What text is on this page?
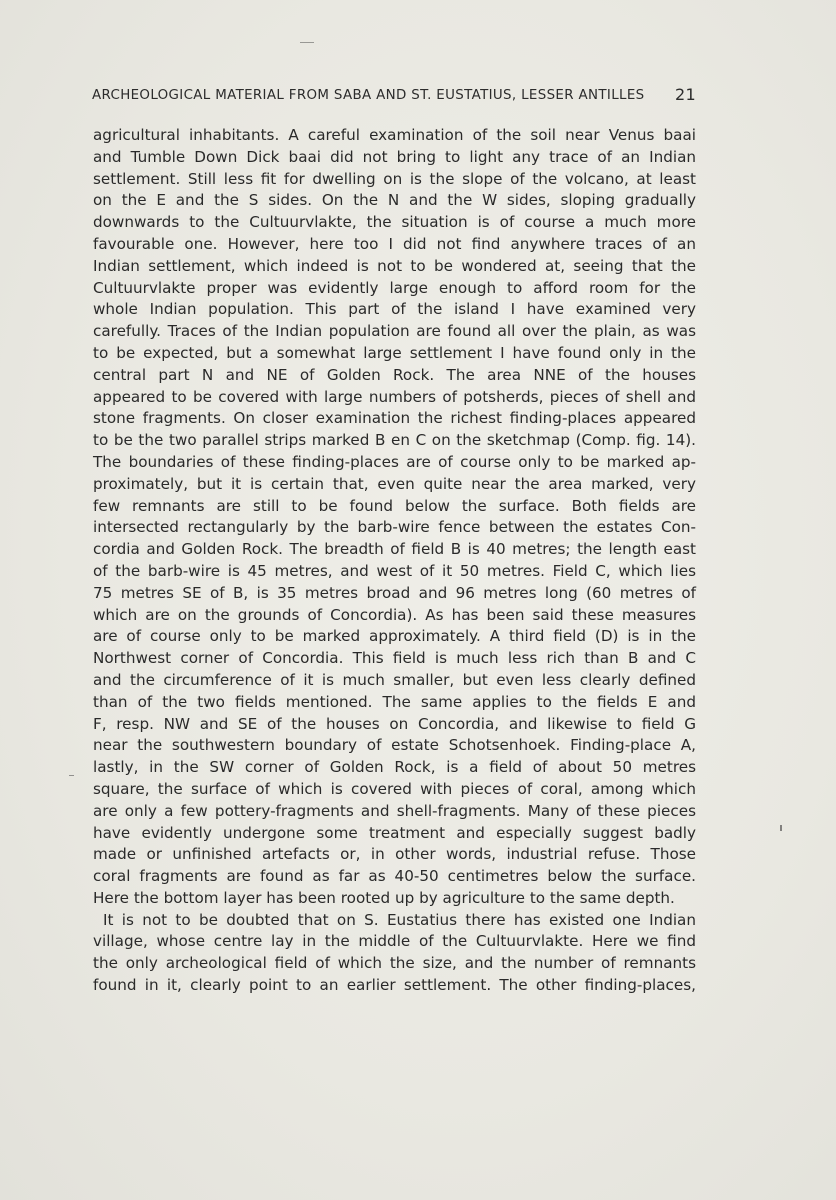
ARCHEOLOGICAL MATERIAL FROM SABA AND ST. EUSTATIUS, LESSER ANTILLES 21
agricultural inhabitants. A careful examination of the soil near Venus baai
and Tumble Down Dick baai did not bring to light any trace of an Indian
settlement. Still less fit for dwelling on is the slope of the volcano, at least
on the E and the S sides. On the N and the W sides, sloping gradually
downwards to the Cultuurvlakte, the situation is of course a much more
favourable one. However, here too I did not find anywhere traces of an
Indian settlement, which indeed is not to be wondered at, seeing that the
Cultuurvlakte proper was evidently large enough to afford room for the
whole Indian population. This part of the island I have examined very
carefully. Traces of the Indian population are found all over the plain, as was
to be expected, but a somewhat large settlement I have found only in the
central part N and NE of Golden Rock. The area NNE of the houses
appeared to be covered with large numbers of potsherds, pieces of shell and
stone fragments. On closer examination the richest finding-places appeared
to be the two parallel strips marked B en C on the sketchmap (Comp. fig. 14).
The boundaries of these finding-places are of course only to be marked ap-
proximately, but it is certain that, even quite near the area marked, very
few remnants are still to be found below the surface. Both fields are
intersected rectangularly by the barb-wire fence between the estates Con-
cordia and Golden Rock. The breadth of field B is 40 metres; the length east
of the barb-wire is 45 metres, and west of it 50 metres. Field C, which lies
75 metres SE of B, is 35 metres broad and 96 metres long (60 metres of
which are on the grounds of Concordia). As has been said these measures
are of course only to be marked approximately. A third field (D) is in the
Northwest corner of Concordia. This field is much less rich than B and C
and the circumference of it is much smaller, but even less clearly defined
than of the two fields mentioned. The same applies to the fields E and
F, resp. NW and SE of the houses on Concordia, and likewise to field G
near the southwestern boundary of estate Schotsenhoek. Finding-place A,
lastly, in the SW corner of Golden Rock, is a field of about 50 metres
square, the surface of which is covered with pieces of coral, among which
are only a few pottery-fragments and shell-fragments. Many of these pieces
have evidently undergone some treatment and especially suggest badly
made or unfinished artefacts or, in other words, industrial refuse. Those
coral fragments are found as far as 40-50 centimetres below the surface.
Here the bottom layer has been rooted up by agriculture to the same depth.
It is not to be doubted that on S. Eustatius there has existed one Indian
village, whose centre lay in the middle of the Cultuurvlakte. Here we find
the only archeological field of which the size, and the number of remnants
found in it, clearly point to an earlier settlement. The other finding-places,
